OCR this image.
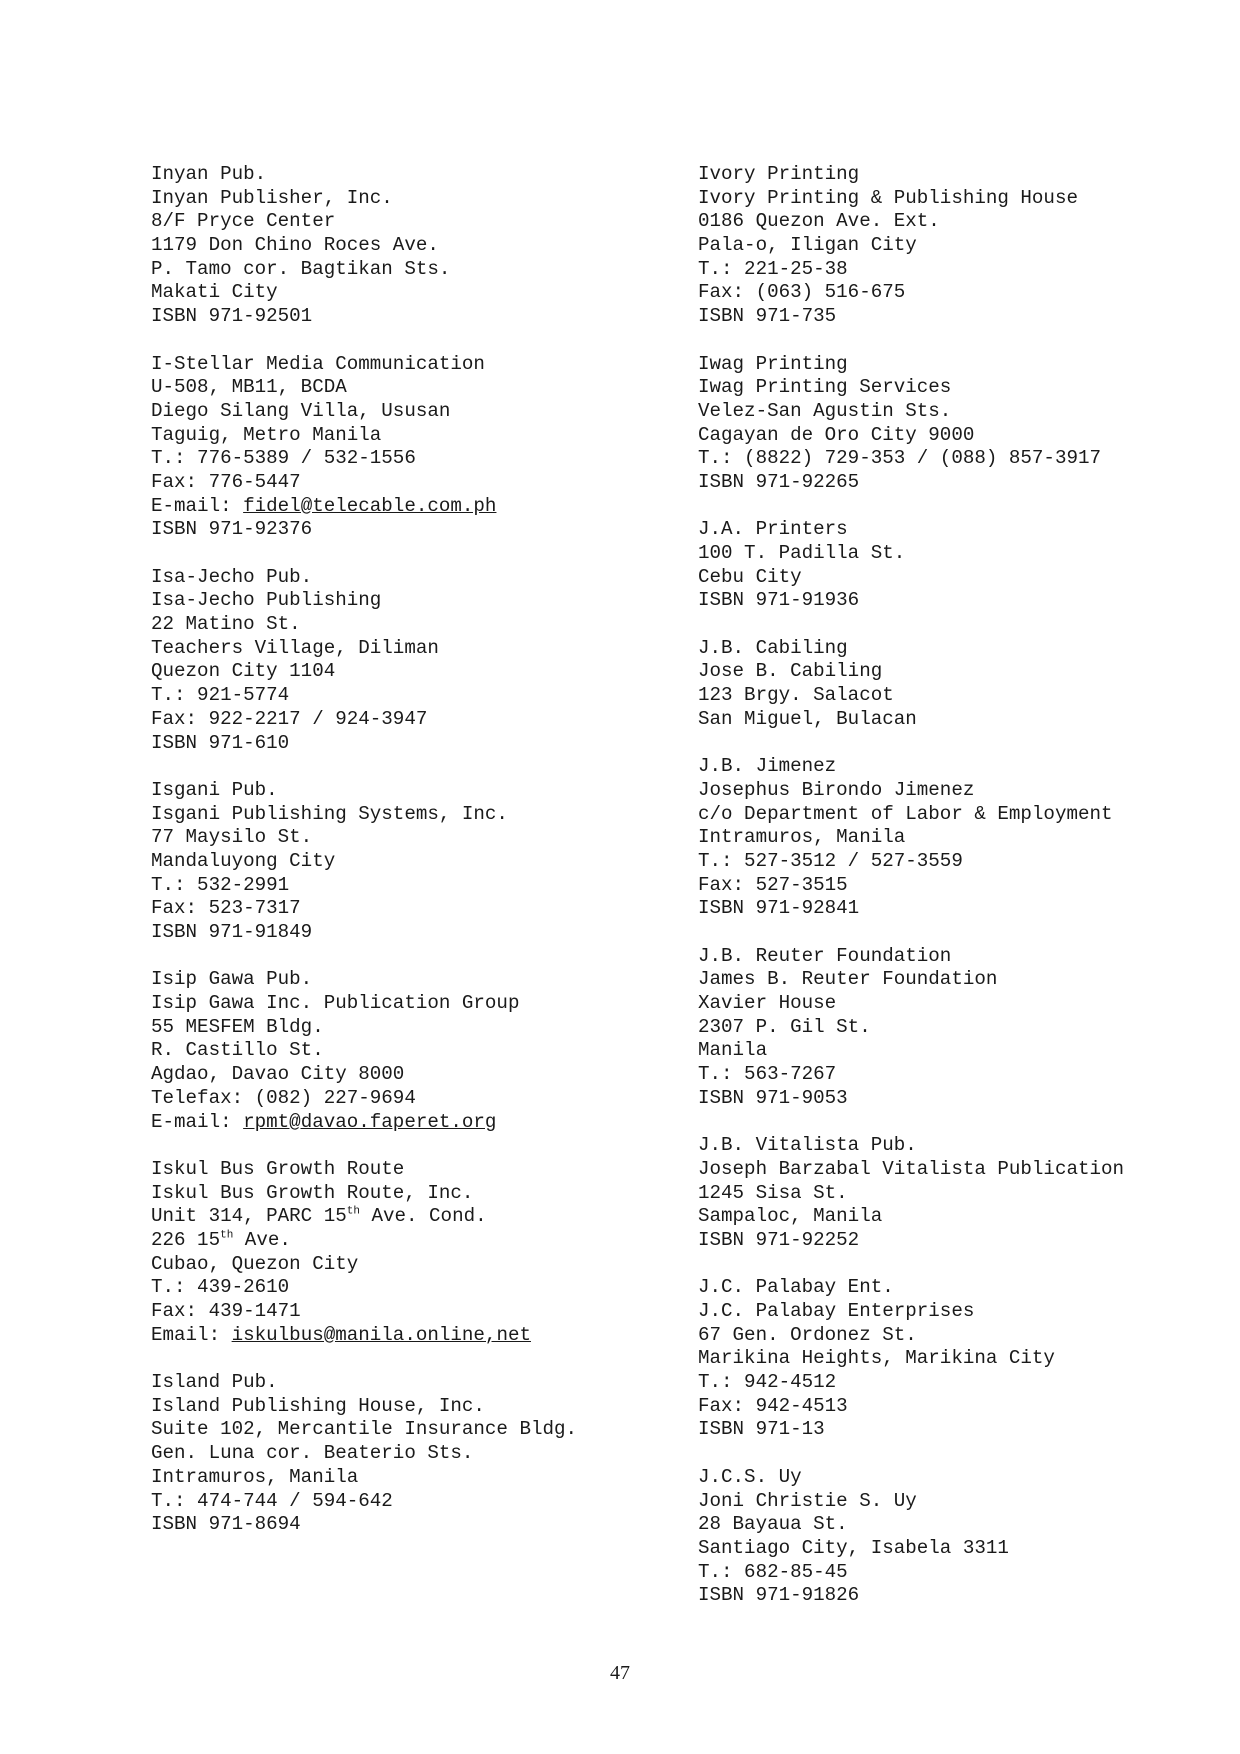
Inyan Pub.
Inyan Publisher, Inc.
8/F Pryce Center
1179 Don Chino Roces Ave.
P. Tamo cor. Bagtikan Sts.
Makati City
ISBN 971-92501
I-Stellar Media Communication
U-508, MB11, BCDA
Diego Silang Villa, Ususan
Taguig, Metro Manila
T.: 776-5389 / 532-1556
Fax: 776-5447
E-mail: fidel@telecable.com.ph
ISBN 971-92376
Isa-Jecho Pub.
Isa-Jecho Publishing
22 Matino St.
Teachers Village, Diliman
Quezon City 1104
T.: 921-5774
Fax: 922-2217 / 924-3947
ISBN 971-610
Isgani Pub.
Isgani Publishing Systems, Inc.
77 Maysilo St.
Mandaluyong City
T.: 532-2991
Fax: 523-7317
ISBN 971-91849
Isip Gawa Pub.
Isip Gawa Inc. Publication Group
55 MESFEM Bldg.
R. Castillo St.
Agdao, Davao City 8000
Telefax: (082) 227-9694
E-mail: rpmt@davao.faperet.org
Iskul Bus Growth Route
Iskul Bus Growth Route, Inc.
Unit 314, PARC 15th Ave. Cond.
226 15th Ave.
Cubao, Quezon City
T.: 439-2610
Fax: 439-1471
Email: iskulbus@manila.online,net
Island Pub.
Island Publishing House, Inc.
Suite 102, Mercantile Insurance Bldg.
Gen. Luna cor. Beaterio Sts.
Intramuros, Manila
T.: 474-744 / 594-642
ISBN 971-8694
Ivory Printing
Ivory Printing & Publishing House
0186 Quezon Ave. Ext.
Pala-o, Iligan City
T.: 221-25-38
Fax: (063) 516-675
ISBN 971-735
Iwag Printing
Iwag Printing Services
Velez-San Agustin Sts.
Cagayan de Oro City 9000
T.: (8822) 729-353 / (088) 857-3917
ISBN 971-92265
J.A. Printers
100 T. Padilla St.
Cebu City
ISBN 971-91936
J.B. Cabiling
Jose B. Cabiling
123 Brgy. Salacot
San Miguel, Bulacan
J.B. Jimenez
Josephus Birondo Jimenez
c/o Department of Labor & Employment
Intramuros, Manila
T.: 527-3512 / 527-3559
Fax: 527-3515
ISBN 971-92841
J.B. Reuter Foundation
James B. Reuter Foundation
Xavier House
2307 P. Gil St.
Manila
T.: 563-7267
ISBN 971-9053
J.B. Vitalista Pub.
Joseph Barzabal Vitalista Publication
1245 Sisa St.
Sampaloc, Manila
ISBN 971-92252
J.C. Palabay Ent.
J.C. Palabay Enterprises
67 Gen. Ordonez St.
Marikina Heights, Marikina City
T.: 942-4512
Fax: 942-4513
ISBN 971-13
J.C.S. Uy
Joni Christie S. Uy
28 Bayaua St.
Santiago City, Isabela 3311
T.: 682-85-45
ISBN 971-91826
47
